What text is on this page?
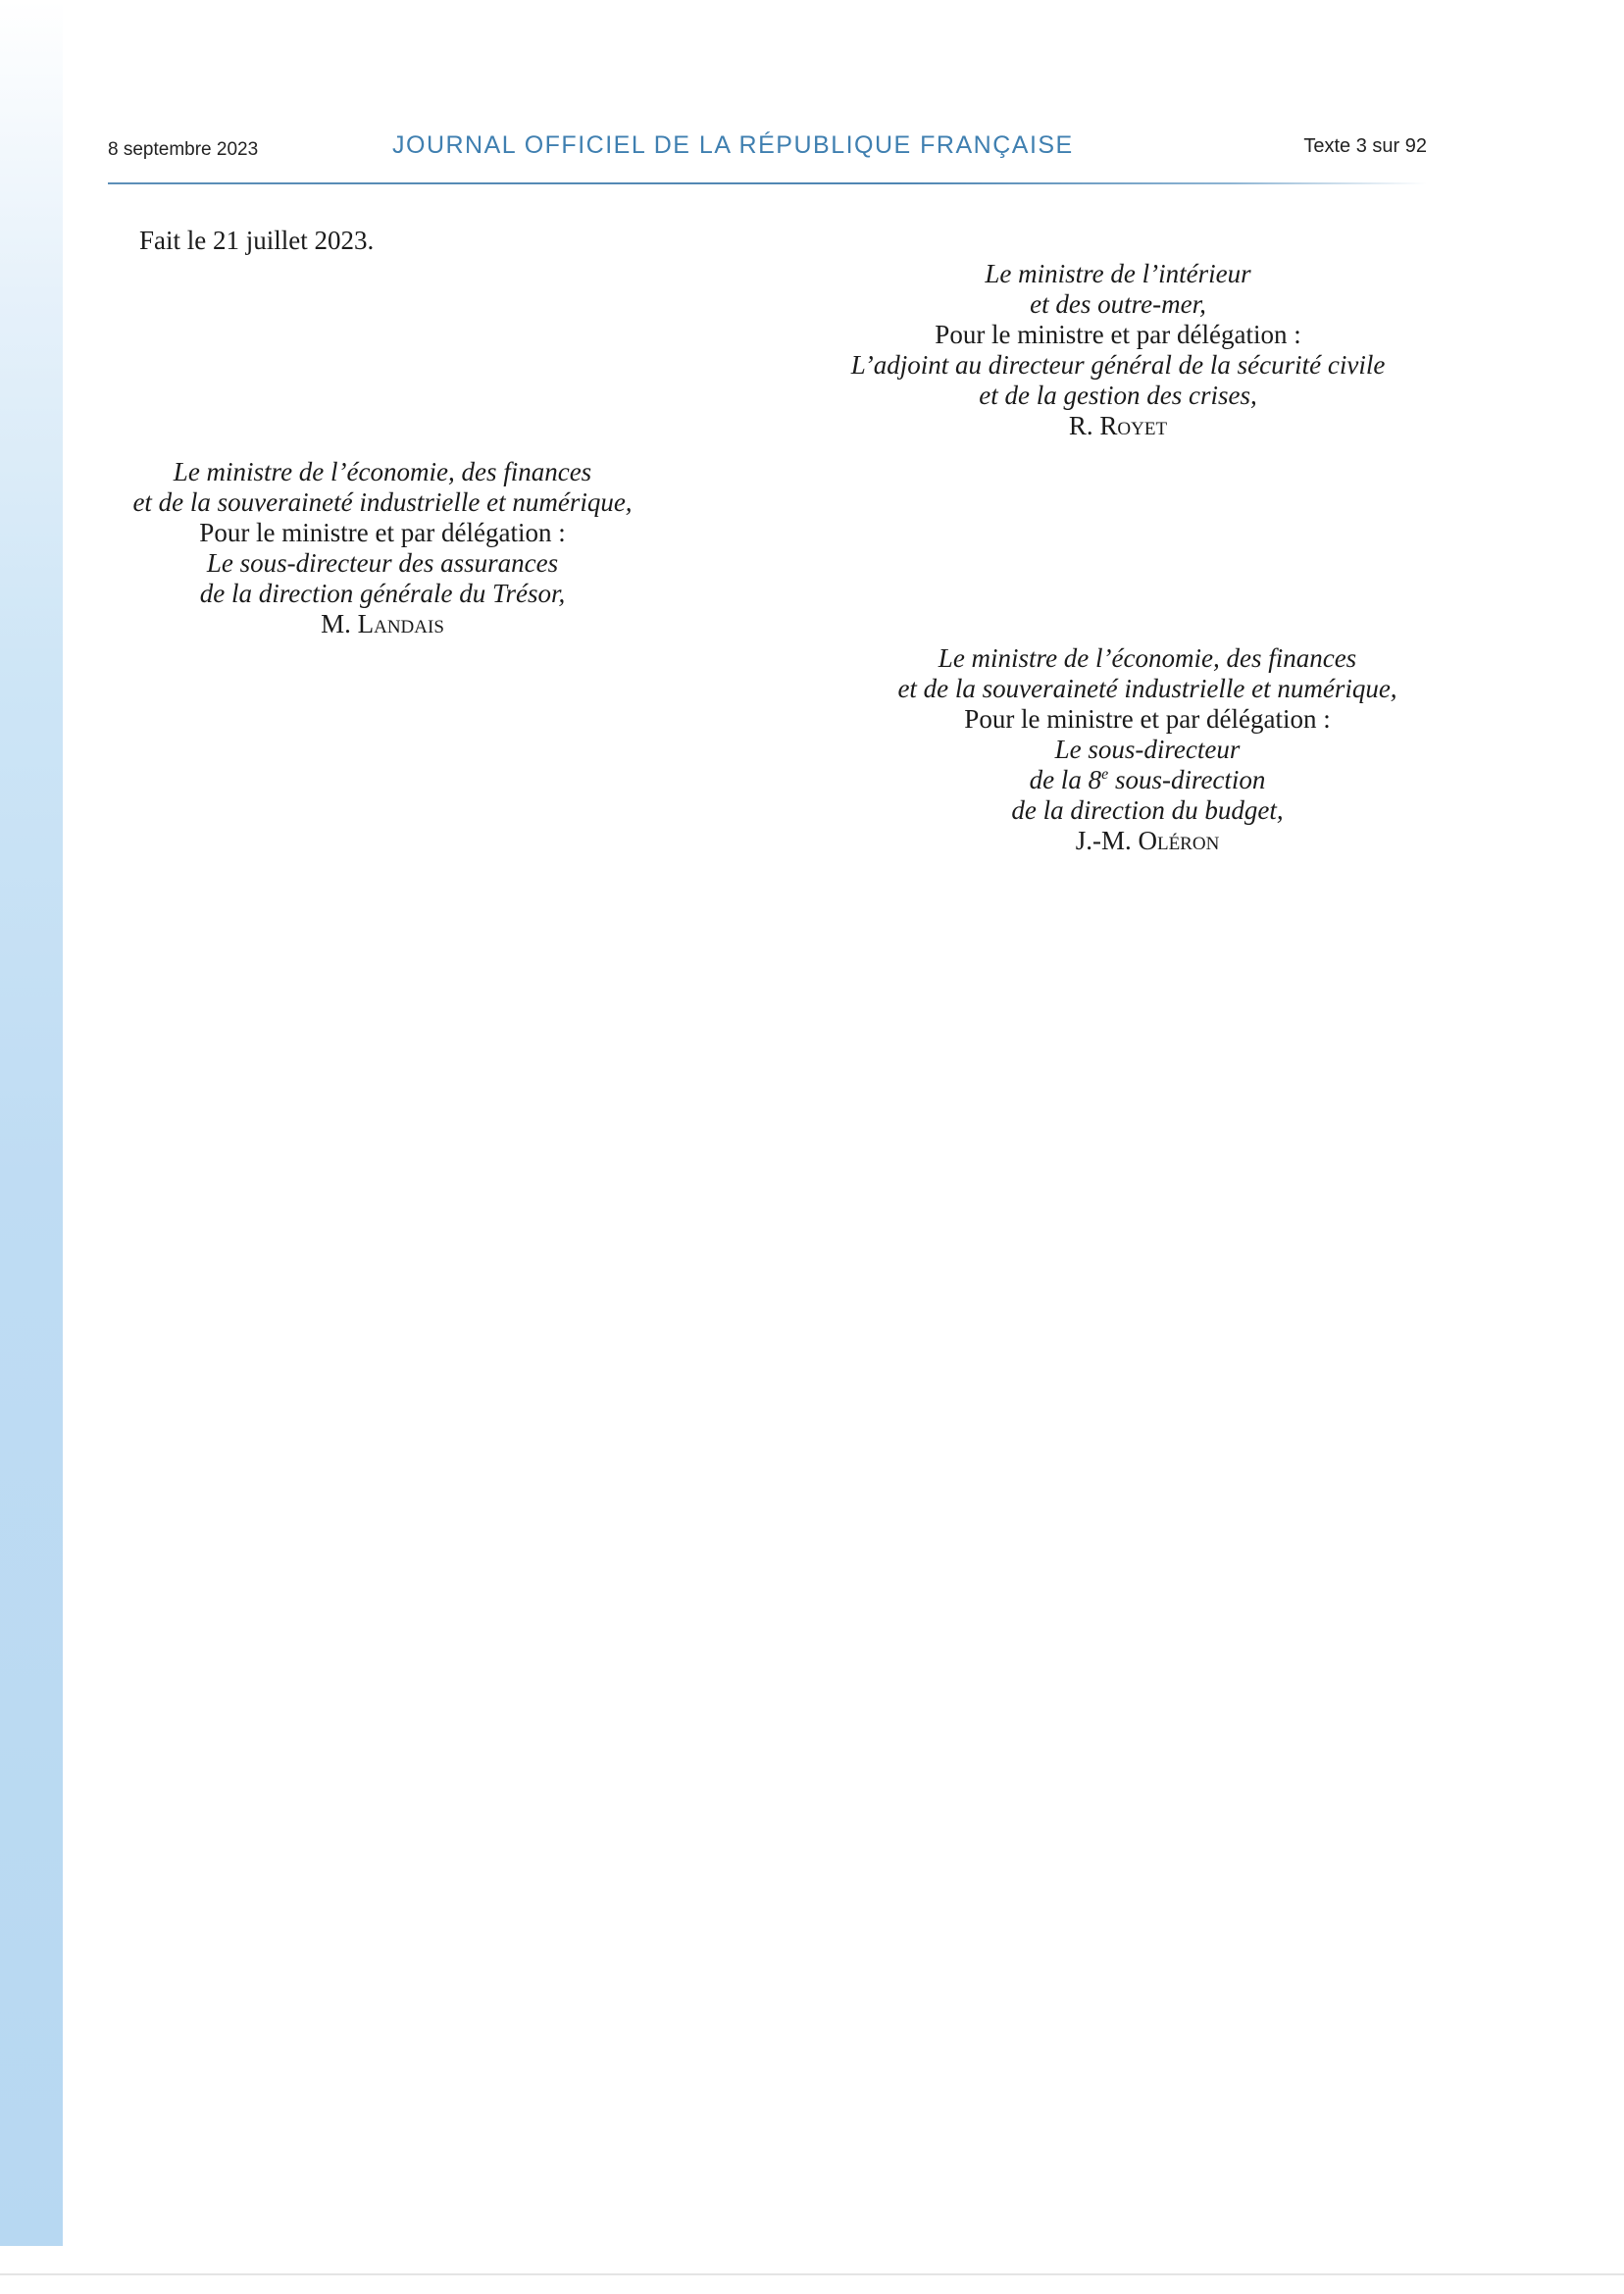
8 septembre 2023	JOURNAL OFFICIEL DE LA RÉPUBLIQUE FRANÇAISE	Texte 3 sur 92
Fait le 21 juillet 2023.
Le ministre de l’intérieur
et des outre-mer,
Pour le ministre et par délégation :
L’adjoint au directeur général de la sécurité civile
et de la gestion des crises,
R. Royet
Le ministre de l’économie, des finances
et de la souveraineté industrielle et numérique,
Pour le ministre et par délégation :
Le sous-directeur des assurances
de la direction générale du Trésor,
M. Landais
Le ministre de l’économie, des finances
et de la souveraineté industrielle et numérique,
Pour le ministre et par délégation :
Le sous-directeur
de la 8e sous-direction
de la direction du budget,
J.-M. Oléron
